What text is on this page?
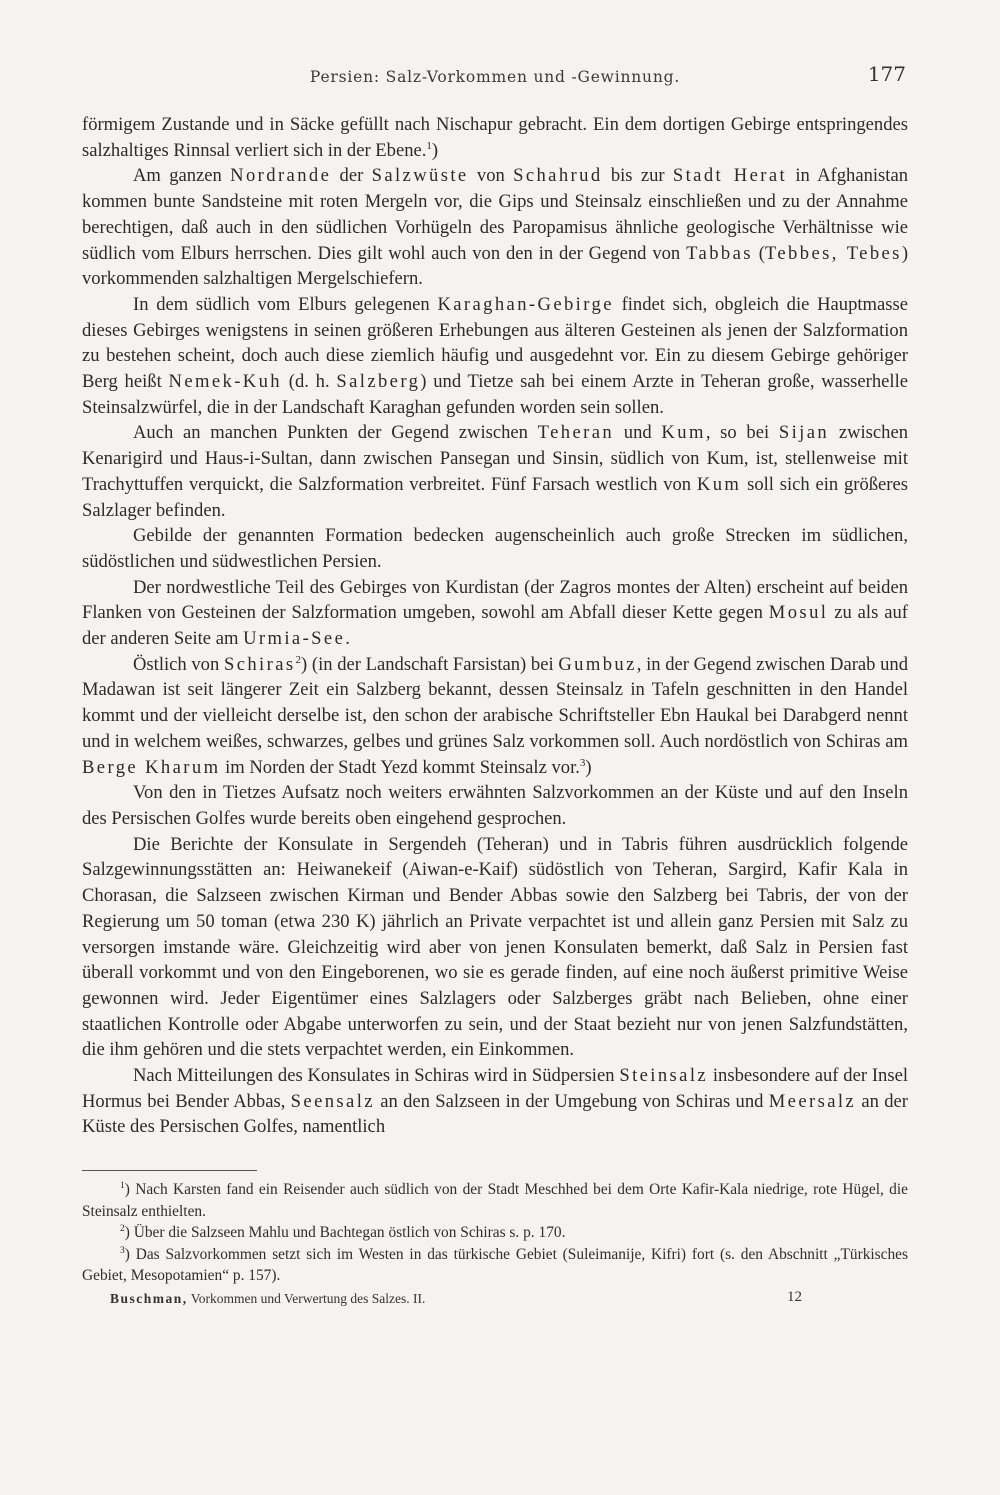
Persien: Salz-Vorkommen und -Gewinnung.	177

förmigem Zustande und in Säcke gefüllt nach Nischapur gebracht. Ein dem dortigen Gebirge entspringendes salzhaltiges Rinnsal verliert sich in der Ebene.$^1$)

Am ganzen Nordrande der Salzwüste von Schahrud bis zur Stadt Herat in Afghanistan kommen bunte Sandsteine mit roten Mergeln vor, die Gips und Steinsalz einschließen und zu der Annahme berechtigen, daß auch in den südlichen Vorhügeln des Paropamisus ähnliche geologische Verhältnisse wie südlich vom Elburs herrschen. Dies gilt wohl auch von den in der Gegend von Tabbas (Tebbes, Tebes) vorkommenden salzhaltigen Mergelschiefern.

In dem südlich vom Elburs gelegenen Karaghan-Gebirge findet sich, obgleich die Hauptmasse dieses Gebirges wenigstens in seinen größeren Erhebungen aus älteren Gesteinen als jenen der Salzformation zu bestehen scheint, doch auch diese ziemlich häufig und ausgedehnt vor. Ein zu diesem Gebirge gehöriger Berg heißt Nemek-Kuh (d. h. Salzberg) und Tietze sah bei einem Arzte in Teheran große, wasserhelle Steinsalzwürfel, die in der Landschaft Karaghan gefunden worden sein sollen.

Auch an manchen Punkten der Gegend zwischen Teheran und Kum, so bei Sijan zwischen Kenarigird und Haus-i-Sultan, dann zwischen Pansegan und Sinsin, südlich von Kum, ist, stellenweise mit Trachyttuffen verquickt, die Salzformation verbreitet. Fünf Farsach westlich von Kum soll sich ein größeres Salzlager befinden.

Gebilde der genannten Formation bedecken augenscheinlich auch große Strecken im südlichen, südöstlichen und südwestlichen Persien.

Der nordwestliche Teil des Gebirges von Kurdistan (der Zagros montes der Alten) erscheint auf beiden Flanken von Gesteinen der Salzformation umgeben, sowohl am Abfall dieser Kette gegen Mosul zu als auf der anderen Seite am Urmia-See.

Östlich von Schiras$^2$) (in der Landschaft Farsistan) bei Gumbuz, in der Gegend zwischen Darab und Madawan ist seit längerer Zeit ein Salzberg bekannt, dessen Steinsalz in Tafeln geschnitten in den Handel kommt und der vielleicht derselbe ist, den schon der arabische Schriftsteller Ebn Haukal bei Darabgerd nennt und in welchem weißes, schwarzes, gelbes und grünes Salz vorkommen soll. Auch nordöstlich von Schiras am Berge Kharum im Norden der Stadt Yezd kommt Steinsalz vor.$^3$)

Von den in Tietzes Aufsatz noch weiters erwähnten Salzvorkommen an der Küste und auf den Inseln des Persischen Golfes wurde bereits oben eingehend gesprochen.

Die Berichte der Konsulate in Sergendeh (Teheran) und in Tabris führen ausdrücklich folgende Salzgewinnungsstätten an: Heiwanekeif (Aiwan-e-Kaif) südöstlich von Teheran, Sargird, Kafir Kala in Chorasan, die Salzseen zwischen Kirman und Bender Abbas sowie den Salzberg bei Tabris, der von der Regierung um 50 toman (etwa 230 K) jährlich an Private verpachtet ist und allein ganz Persien mit Salz zu versorgen imstande wäre. Gleichzeitig wird aber von jenen Konsulaten bemerkt, daß Salz in Persien fast überall vorkommt und von den Eingeborenen, wo sie es gerade finden, auf eine noch äußerst primitive Weise gewonnen wird. Jeder Eigentümer eines Salzlagers oder Salzberges gräbt nach Belieben, ohne einer staatlichen Kontrolle oder Abgabe unterworfen zu sein, und der Staat bezieht nur von jenen Salzfundstätten, die ihm gehören und die stets verpachtet werden, ein Einkommen.

Nach Mitteilungen des Konsulates in Schiras wird in Südpersien Steinsalz insbesondere auf der Insel Hormus bei Bender Abbas, Seensalz an den Salzseen in der Umgebung von Schiras und Meersalz an der Küste des Persischen Golfes, namentlich

$^1$) Nach Karsten fand ein Reisender auch südlich von der Stadt Meschhed bei dem Orte Kafir-Kala niedrige, rote Hügel, die Steinsalz enthielten.

$^2$) Über die Salzseen Mahlu und Bachtegan östlich von Schiras s. p. 170.

$^3$) Das Salzvorkommen setzt sich im Westen in das türkische Gebiet (Suleimanije, Kifri) fort (s. den Abschnitt „Türkisches Gebiet, Mesopotamien“ p. 157).

Buschman, Vorkommen und Verwertung des Salzes. II.	12
